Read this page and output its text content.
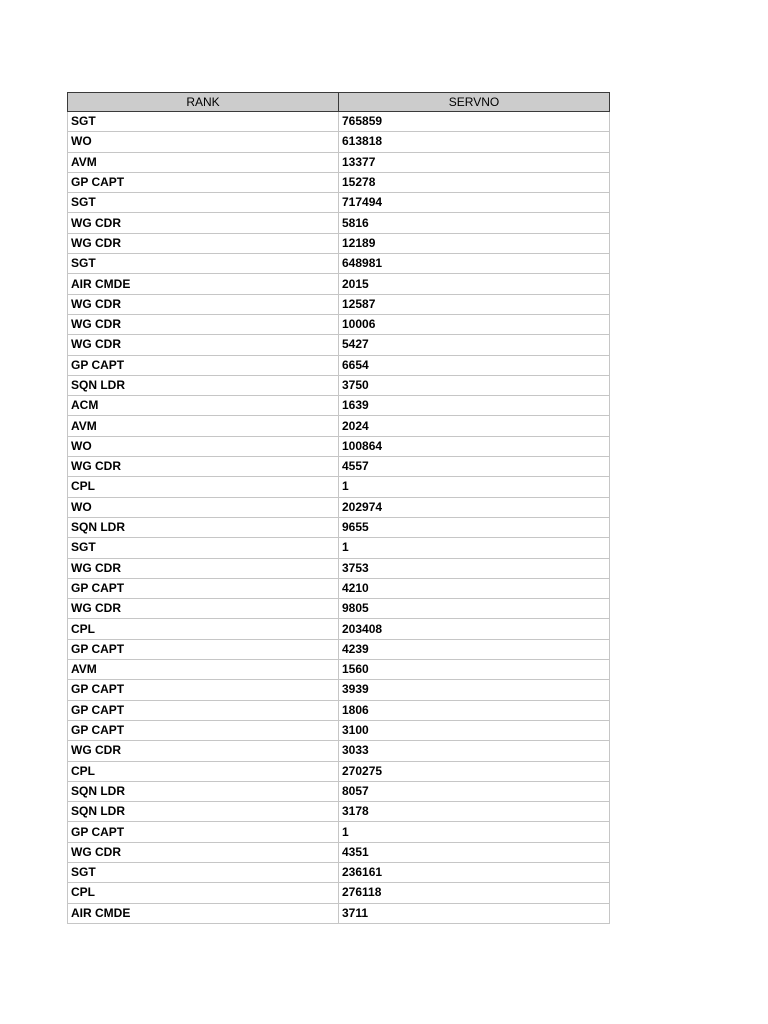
RANK	SERVNO
SGT	765859
WO	613818
AVM	13377
GP CAPT	15278
SGT	717494
WG CDR	5816
WG CDR	12189
SGT	648981
AIR CMDE	2015
WG CDR	12587
WG CDR	10006
WG CDR	5427
GP CAPT	6654
SQN LDR	3750
ACM	1639
AVM	2024
WO	100864
WG CDR	4557
CPL	1
WO	202974
SQN LDR	9655
SGT	1
WG CDR	3753
GP CAPT	4210
WG CDR	9805
CPL	203408
GP CAPT	4239
AVM	1560
GP CAPT	3939
GP CAPT	1806
GP CAPT	3100
WG CDR	3033
CPL	270275
SQN LDR	8057
SQN LDR	3178
GP CAPT	1
WG CDR	4351
SGT	236161
CPL	276118
AIR CMDE	3711
